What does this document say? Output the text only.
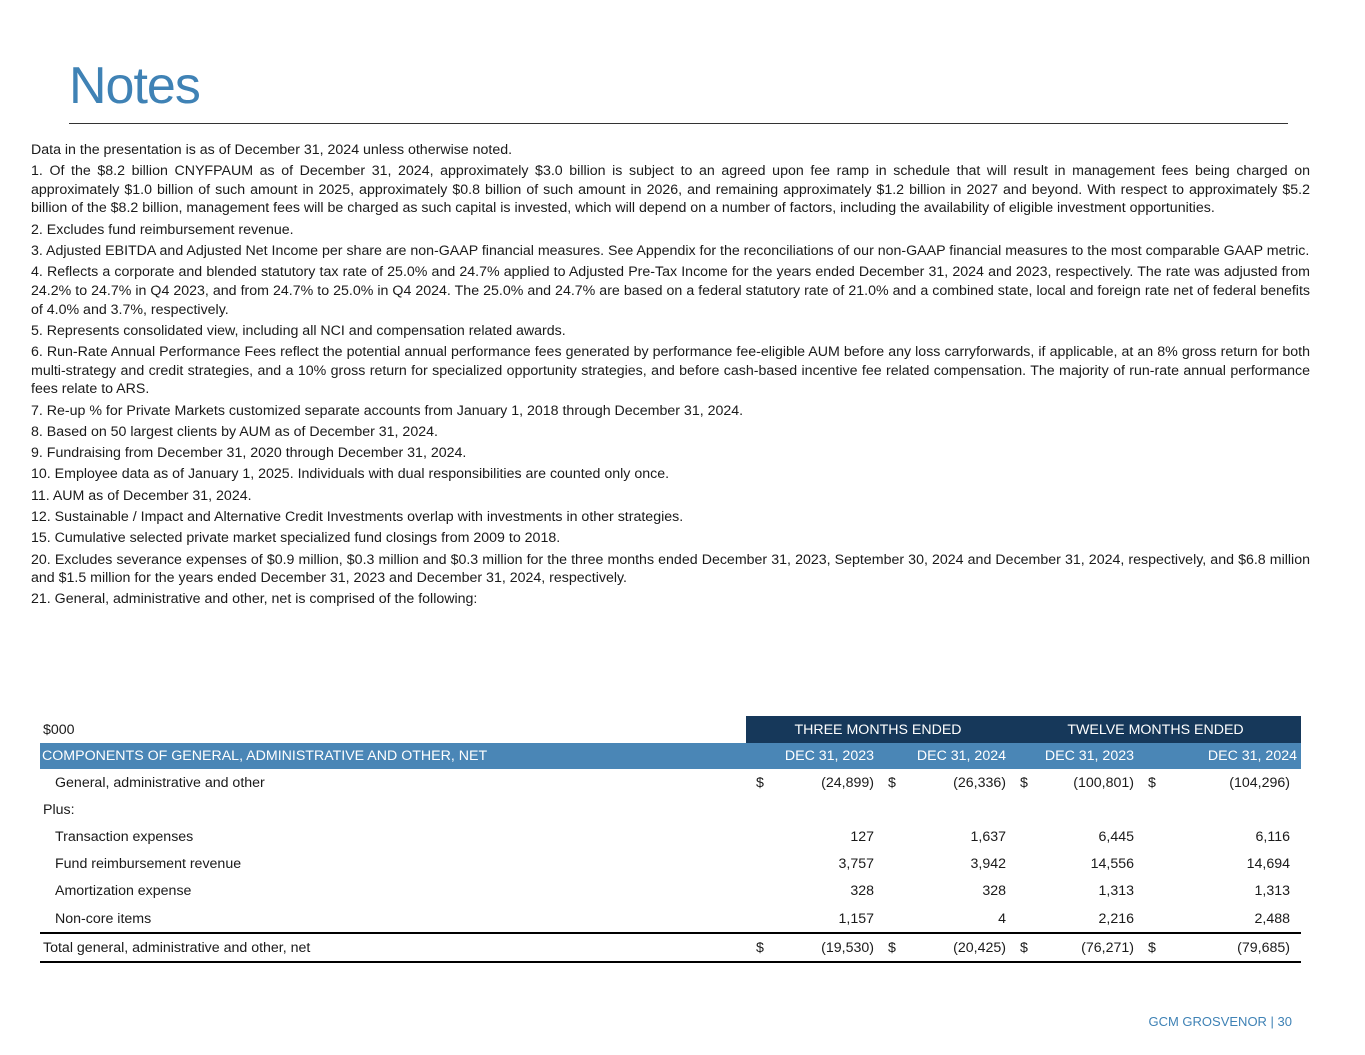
Notes

Data in the presentation is as of December 31, 2024 unless otherwise noted.

1. Of the $8.2 billion CNYFPAUM as of December 31, 2024, approximately $3.0 billion is subject to an agreed upon fee ramp in schedule that will result in management fees being charged on approximately $1.0 billion of such amount in 2025, approximately $0.8 billion of such amount in 2026, and remaining approximately $1.2 billion in 2027 and beyond. With respect to approximately $5.2 billion of the $8.2 billion, management fees will be charged as such capital is invested, which will depend on a number of factors, including the availability of eligible investment opportunities.

2. Excludes fund reimbursement revenue.

3. Adjusted EBITDA and Adjusted Net Income per share are non-GAAP financial measures. See Appendix for the reconciliations of our non-GAAP financial measures to the most comparable GAAP metric.

4. Reflects a corporate and blended statutory tax rate of 25.0% and 24.7% applied to Adjusted Pre-Tax Income for the years ended December 31, 2024 and 2023, respectively. The rate was adjusted from 24.2% to 24.7% in Q4 2023, and from 24.7% to 25.0% in Q4 2024. The 25.0% and 24.7% are based on a federal statutory rate of 21.0% and a combined state, local and foreign rate net of federal benefits of 4.0% and 3.7%, respectively.

5. Represents consolidated view, including all NCI and compensation related awards.

6. Run-Rate Annual Performance Fees reflect the potential annual performance fees generated by performance fee-eligible AUM before any loss carryforwards, if applicable, at an 8% gross return for both multi-strategy and credit strategies, and a 10% gross return for specialized opportunity strategies, and before cash-based incentive fee related compensation. The majority of run-rate annual performance fees relate to ARS.

7. Re-up % for Private Markets customized separate accounts from January 1, 2018 through December 31, 2024.

8. Based on 50 largest clients by AUM as of December 31, 2024.

9. Fundraising from December 31, 2020 through December 31, 2024.

10. Employee data as of January 1, 2025. Individuals with dual responsibilities are counted only once.

11. AUM as of December 31, 2024.

12. Sustainable / Impact and Alternative Credit Investments overlap with investments in other strategies.

15. Cumulative selected private market specialized fund closings from 2009 to 2018.

20. Excludes severance expenses of $0.9 million, $0.3 million and $0.3 million for the three months ended December 31, 2023, September 30, 2024 and December 31, 2024, respectively, and $6.8 million and $1.5 million for the years ended December 31, 2023 and December 31, 2024, respectively.

21. General, administrative and other, net is comprised of the following:

$000	THREE MONTHS ENDED				TWELVE MONTHS ENDED			
COMPONENTS OF GENERAL, ADMINISTRATIVE AND OTHER, NET	DEC 31, 2023		DEC 31, 2024		DEC 31, 2023		DEC 31, 2024	
General, administrative and other	$	(24,899)	$	(26,336)	$	(100,801)	$	(104,296)
Plus:								
Transaction expenses		127		1,637		6,445		6,116
Fund reimbursement revenue		3,757		3,942		14,556		14,694
Amortization expense		328		328		1,313		1,313
Non-core items		1,157		4		2,216		2,488
Total general, administrative and other, net	$	(19,530)	$	(20,425)	$	(76,271)	$	(79,685)
GCM GROSVENOR | 30
